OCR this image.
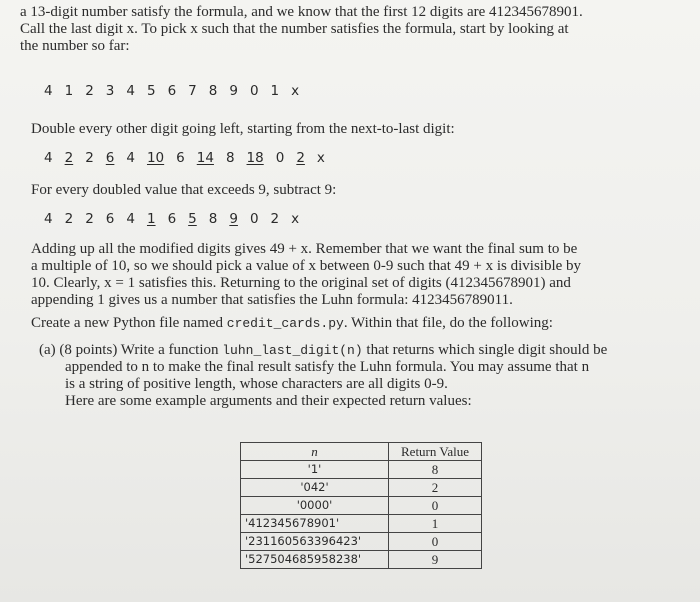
a 13-digit number satisfy the formula, and we know that the first 12 digits are 412345678901.
Call the last digit x. To pick x such that the number satisfies the formula, start by looking at
the number so far:
4 1 2 3 4 5 6 7 8 9 0 1 x
Double every other digit going left, starting from the next-to-last digit:
4 2 2 6 4 10 6 14 8 18 0 2 x
For every doubled value that exceeds 9, subtract 9:
4 2 2 6 4 1 6 5 8 9 0 2 x
Adding up all the modified digits gives 49 + x. Remember that we want the final sum to be
a multiple of 10, so we should pick a value of x between 0-9 such that 49 + x is divisible by
10. Clearly, x = 1 satisfies this. Returning to the original set of digits (412345678901) and
appending 1 gives us a number that satisfies the Luhn formula: 4123456789011.
Create a new Python file named credit_cards.py. Within that file, do the following:
(a) (8 points) Write a function luhn_last_digit(n) that returns which single digit should be
appended to n to make the final result satisfy the Luhn formula. You may assume that n
is a string of positive length, whose characters are all digits 0-9.
Here are some example arguments and their expected return values:
n	Return Value
'1'	8
'042'	2
'0000'	0
'412345678901'	1
'231160563396423'	0
'527504685958238'	9
